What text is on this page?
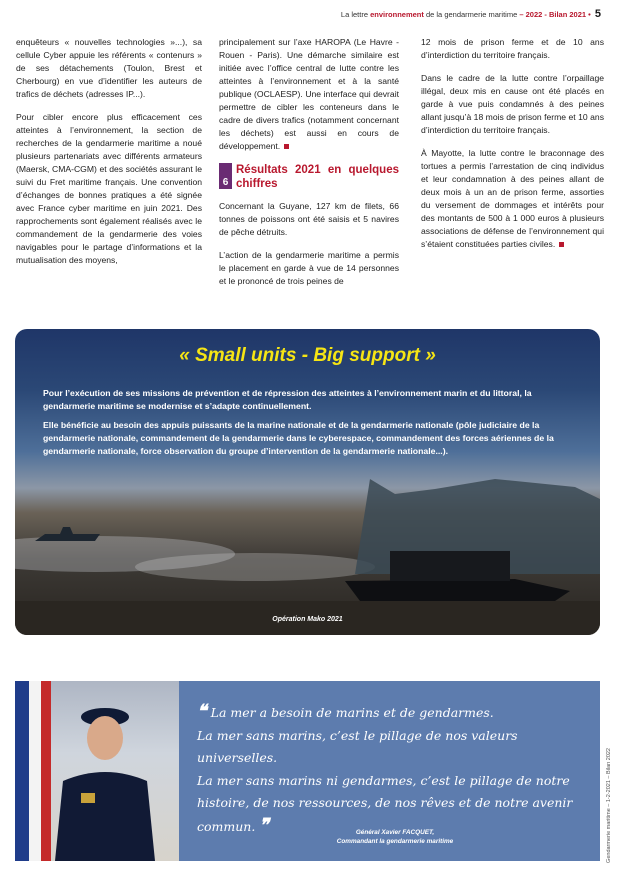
La lettre environnement de la gendarmerie maritime – 2022 - Bilan 2021 • 5

enquêteurs « nouvelles technologies »...), sa cellule Cyber appuie les référents « contenurs » de ses détachements (Toulon, Brest et Cherbourg) en vue d’identifier les auteurs de trafics de déchets (adresses IP...).

Pour cibler encore plus efficacement ces atteintes à l’environnement, la section de recherches de la gendarmerie maritime a noué plusieurs partenariats avec différents armateurs (Maersk, CMA-CGM) et des sociétés assurant le suivi du Fret maritime français. Une convention d’échanges de bonnes pratiques a été signée avec France cyber maritime en juin 2021. Des rapprochements sont également réalisés avec le commandement de la gendarmerie des voies navigables pour le partage d’informations et la mutualisation des moyens,

principalement sur l’axe HAROPA (Le Havre - Rouen - Paris). Une démarche similaire est initiée avec l’office central de lutte contre les atteintes à l’environnement et à la santé publique (OCLAESP). Une interface qui devrait permettre de cibler les conteneurs dans le cadre de divers trafics (notamment concernant les déchets) est aussi en cours de développement.

6
Résultats 2021 en quelques chiffres

Concernant la Guyane, 127 km de filets, 66 tonnes de poissons ont été saisis et 5 navires de pêche détruits.

L’action de la gendarmerie maritime a permis le placement en garde à vue de 14 personnes et le prononcé de trois peines de

12 mois de prison ferme et de 10 ans d’interdiction du territoire français.

Dans le cadre de la lutte contre l’orpaillage illégal, deux mis en cause ont été placés en garde à vue puis condamnés à des peines allant jusqu’à 18 mois de prison ferme et 10 ans d’interdiction du territoire français.

À Mayotte, la lutte contre le braconnage des tortues a permis l’arrestation de cinq individus et leur condamnation à des peines allant de deux mois à un an de prison ferme, assorties du versement de dommages et intérêts pour des montants de 500 à 1 000 euros à plusieurs associations de défense de l’environnement qui s’étaient constituées parties civiles.

« Small units - Big support »

Pour l’exécution de ses missions de prévention et de répression des atteintes à l’environnement marin et du littoral, la gendarmerie maritime se modernise et s’adapte continuellement.

Elle bénéficie au besoin des appuis puissants de la marine nationale et de la gendarmerie nationale (pôle judiciaire de la gendarmerie nationale, commandement de la gendarmerie dans le cyberespace, commandement des forces aériennes de la gendarmerie nationale, force observation du groupe d’intervention de la gendarmerie nationale...).

Opération Mako 2021
❝ La mer a besoin de marins et de gendarmes.
La mer sans marins, c’est le pillage de nos valeurs universelles.
La mer sans marins ni gendarmes, c’est le pillage de notre histoire, de nos ressources, de nos rêves et de notre avenir commun. ❞	Général Xavier FACQUET,
Commandant la gendarmerie maritime	Gendarmerie maritime – 1-2-2021 – Bilan 2022
